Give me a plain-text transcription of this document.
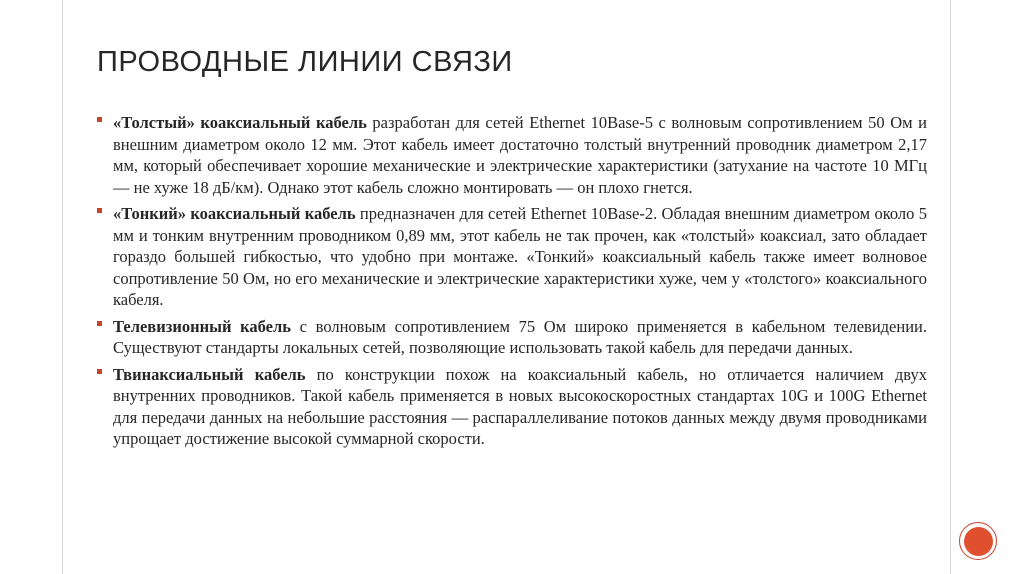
ПРОВОДНЫЕ ЛИНИИ СВЯЗИ
«Толстый» коаксиальный кабель разработан для сетей Ethernet 10Base-5 с волновым сопротивлением 50 Ом и внешним диаметром около 12 мм. Этот кабель имеет достаточно толстый внутренний проводник диаметром 2,17 мм, который обеспечивает хорошие механические и электрические характеристики (затухание на частоте 10 МГц — не хуже 18 дБ/км). Однако этот кабель сложно монтировать — он плохо гнется.
«Тонкий» коаксиальный кабель предназначен для сетей Ethernet 10Base-2. Обладая внешним диаметром около 5 мм и тонким внутренним проводником 0,89 мм, этот кабель не так прочен, как «толстый» коаксиал, зато обладает гораздо большей гибкостью, что удобно при монтаже. «Тонкий» коаксиальный кабель также имеет волновое сопротивление 50 Ом, но его механические и электрические характеристики хуже, чем у «толстого» коаксиального кабеля.
Телевизионный кабель с волновым сопротивлением 75 Ом широко применяется в кабельном телевидении. Существуют стандарты локальных сетей, позволяющие использовать такой кабель для передачи данных.
Твинаксиальный кабель по конструкции похож на коаксиальный кабель, но отличается наличием двух внутренних проводников. Такой кабель применяется в новых высокоскоростных стандартах 10G и 100G Ethernet для передачи данных на небольшие расстояния — распараллеливание потоков данных между двумя проводниками упрощает достижение высокой суммарной скорости.
